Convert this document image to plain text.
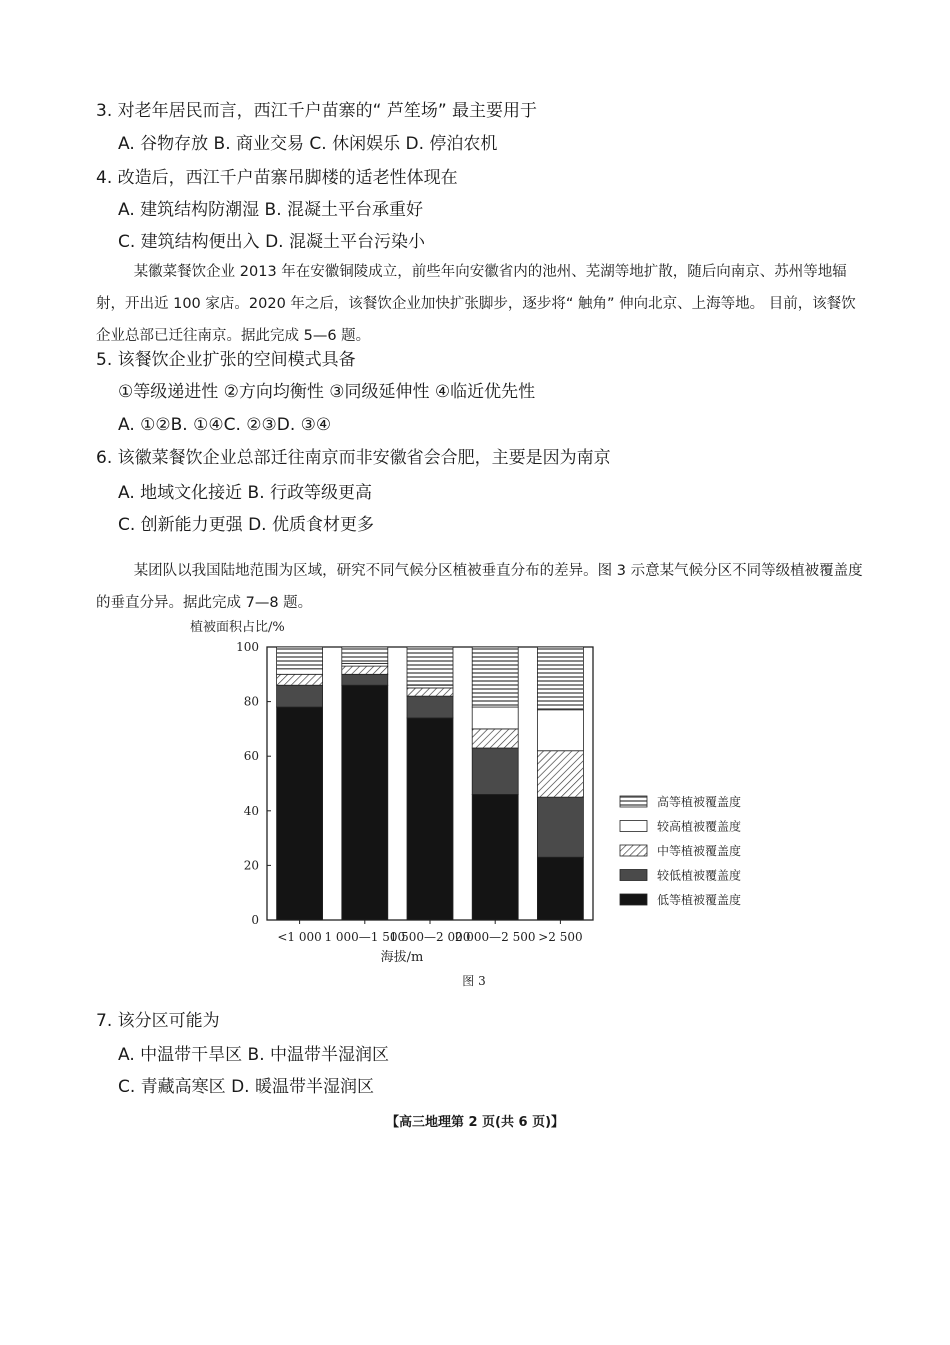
3. 对老年居民而言，西江千户苗寨的“ 芦笙场” 最主要用于
A. 谷物存放 B. 商业交易 C. 休闲娱乐 D. 停泊农机
4. 改造后，西江千户苗寨吊脚楼的适老性体现在
A. 建筑结构防潮湿 B. 混凝土平台承重好
C. 建筑结构便出入 D. 混凝土平台污染小
某徽菜餐饮企业 2013 年在安徽铜陵成立，前些年向安徽省内的池州、芜湖等地扩散，随后向南京、苏州等地辐射，开出近 100 家店。2020 年之后，该餐饮企业加快扩张脚步，逐步将“ 触角” 伸向北京、上海等地。 目前，该餐饮企业总部已迁往南京。据此完成 5—6 题。
5. 该餐饮企业扩张的空间模式具备
①等级递进性 ②方向均衡性 ③同级延伸性 ④临近优先性
A. ①②B. ①④C. ②③D. ③④
6. 该徽菜餐饮企业总部迁往南京而非安徽省会合肥，主要是因为南京
A. 地域文化接近 B. 行政等级更高
C. 创新能力更强 D. 优质食材更多
某团队以我国陆地范围为区域，研究不同气候分区植被垂直分布的差异。图 3 示意某气候分区不同等级植被覆盖度的垂直分异。据此完成 7—8 题。
植被面积占比/%
0
20
40
60
80
100
<1 000 1 000—1 500
1 500—2 000
2 000—2 500 >2 500
高等植被覆盖度
较高植被覆盖度
中等植被覆盖度
较低植被覆盖度
低等植被覆盖度
海拔/m
图 3
7. 该分区可能为
A. 中温带干旱区 B. 中温带半湿润区
C. 青藏高寒区 D. 暖温带半湿润区
【高三地理第 2 页(共 6 页)】
